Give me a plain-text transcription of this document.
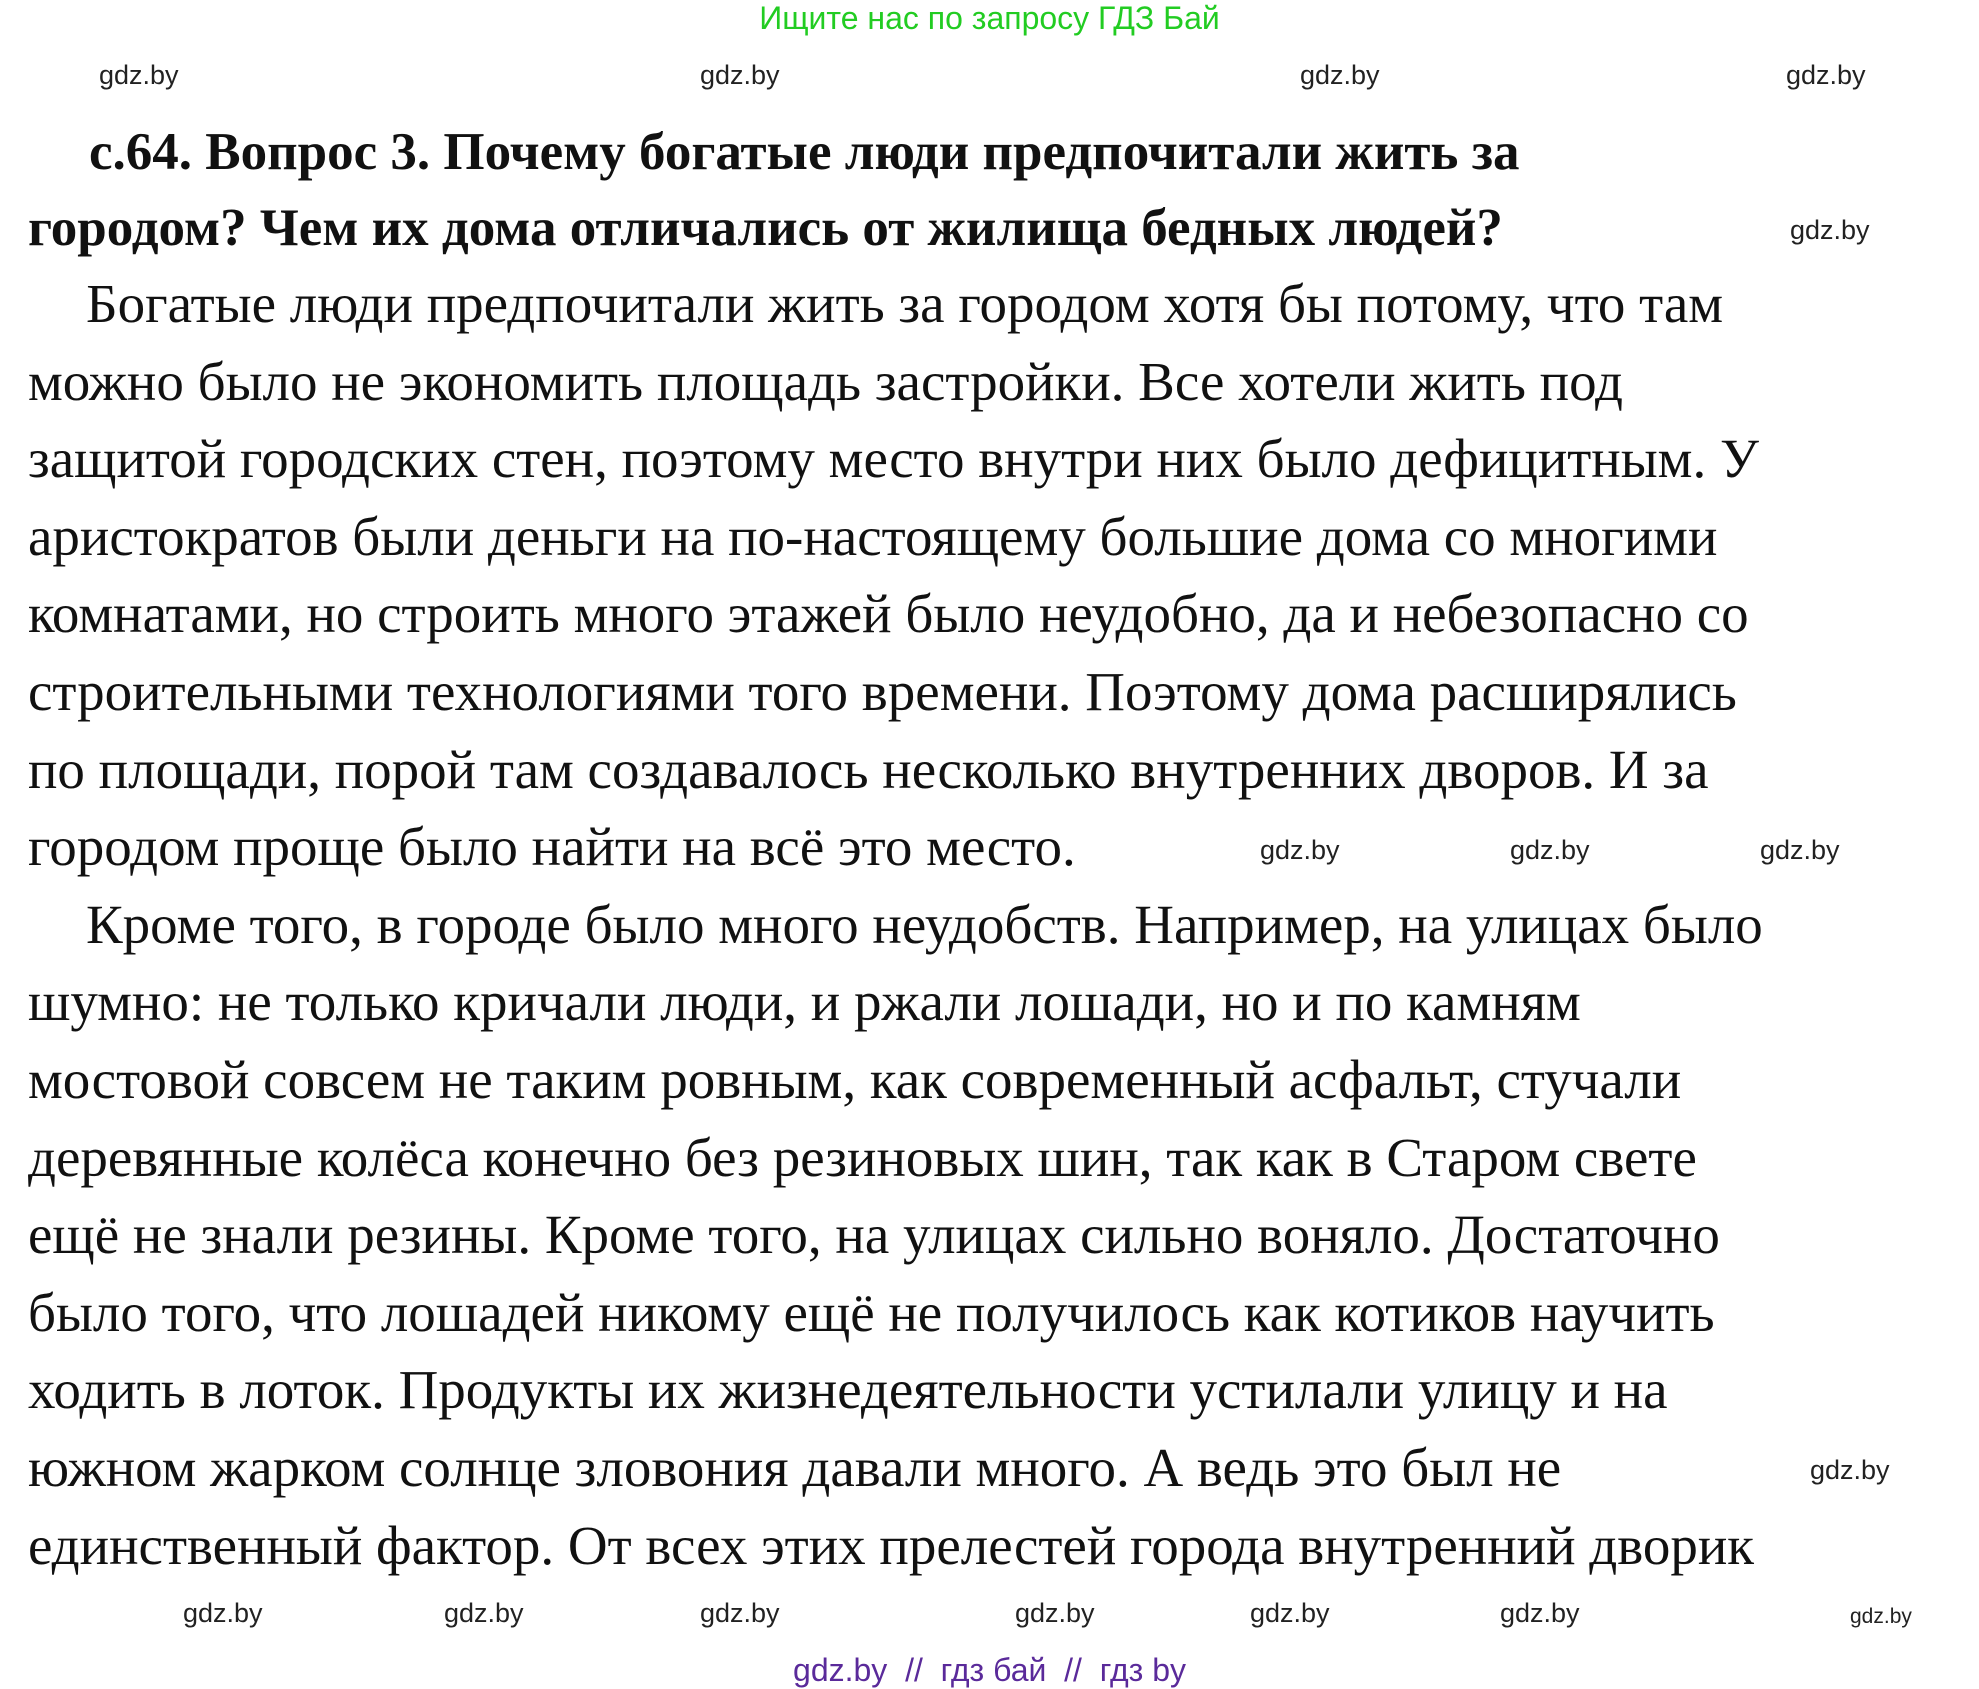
Ищите нас по запросу ГДЗ Бай
с.64. Вопрос 3. Почему богатые люди предпочитали жить за
городом? Чем их дома отличались от жилища бедных людей?
Богатые люди предпочитали жить за городом хотя бы потому, что там
можно было не экономить площадь застройки. Все хотели жить под
защитой городских стен, поэтому место внутри них было дефицитным. У
аристократов были деньги на по-настоящему большие дома со многими
комнатами, но строить много этажей было неудобно, да и небезопасно со
строительными технологиями того времени. Поэтому дома расширялись
по площади, порой там создавалось несколько внутренних дворов. И за
городом проще было найти на всё это место.
Кроме того, в городе было много неудобств. Например, на улицах было
шумно: не только кричали люди, и ржали лошади, но и по камням
мостовой совсем не таким ровным, как современный асфальт, стучали
деревянные колёса конечно без резиновых шин, так как в Старом свете
ещё не знали резины. Кроме того, на улицах сильно воняло. Достаточно
было того, что лошадей никому ещё не получилось как котиков научить
ходить в лоток. Продукты их жизнедеятельности устилали улицу и на
южном жарком солнце зловония давали много. А ведь это был не
единственный фактор. От всех этих прелестей города внутренний дворик
gdz.by  //  гдз бай  //  гдз by
gdz.by	gdz.by	gdz.by	gdz.by
gdz.by
gdz.by	gdz.by	gdz.by
gdz.by
gdz.by	gdz.by	gdz.by	gdz.by	gdz.by	gdz.by	gdz.by
